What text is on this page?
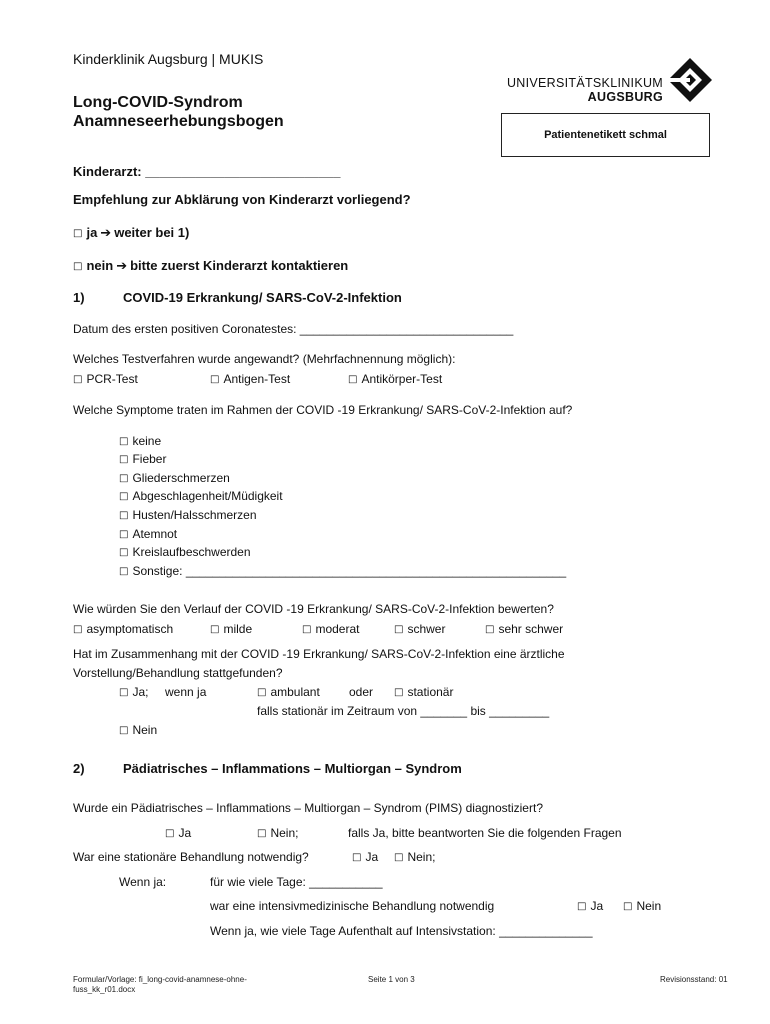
Kinderklinik Augsburg | MUKIS
Long-COVID-Syndrom
Anamneseerhebungsbogen
UNIVERSITÄTSKLINIKUM
AUGSBURG
Patientenetikett schmal
Kinderarzt: ___________________________
Empfehlung zur Abklärung von Kinderarzt vorliegend?
□ ja ➔ weiter bei 1)
□ nein ➔ bitte zuerst Kinderarzt kontaktieren
1)	COVID-19 Erkrankung/ SARS-CoV-2-Infektion
Datum des ersten positiven Coronatestes: ________________________________
Welches Testverfahren wurde angewandt? (Mehrfachnennung möglich):
□ PCR-Test	□ Antigen-Test	□ Antikörper-Test
Welche Symptome traten im Rahmen der COVID -19 Erkrankung/ SARS-CoV-2-Infektion auf?
□ keine
□ Fieber
□ Gliederschmerzen
□ Abgeschlagenheit/Müdigkeit
□ Husten/Halsschmerzen
□ Atemnot
□ Kreislaufbeschwerden
□ Sonstige: _________________________________________________________
Wie würden Sie den Verlauf der COVID -19 Erkrankung/ SARS-CoV-2-Infektion bewerten?
□ asymptomatisch	□ milde	□ moderat	□ schwer	□ sehr schwer
Hat im Zusammenhang mit der COVID -19 Erkrankung/ SARS-CoV-2-Infektion eine ärztliche
Vorstellung/Behandlung stattgefunden?
□ Ja; wenn ja	□ ambulant oder □ stationär
falls stationär im Zeitraum von _______ bis _________
□ Nein
2)	Pädiatrisches – Inflammations – Multiorgan – Syndrom
Wurde ein Pädiatrisches – Inflammations – Multiorgan – Syndrom (PIMS) diagnostiziert?
□ Ja	□ Nein;	falls Ja, bitte beantworten Sie die folgenden Fragen
War eine stationäre Behandlung notwendig?	□ Ja □ Nein;
Wenn ja:	für wie viele Tage: ___________
war eine intensivmedizinische Behandlung notwendig	□ Ja □ Nein
Wenn ja, wie viele Tage Aufenthalt auf Intensivstation: ______________
Formular/Vorlage: fi_long-covid-anamnese-ohne-
fuss_kk_r01.docx
Seite 1 von 3	Revisionsstand: 01
